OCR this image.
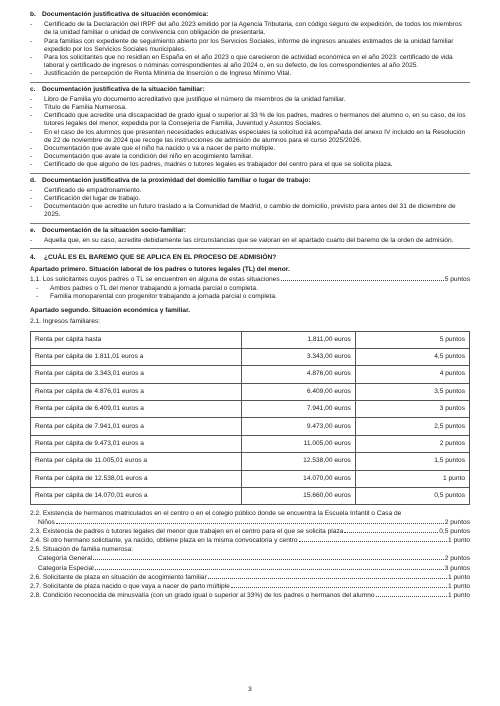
b. Documentación justificativa de situación económica:
- Certificado de la Declaración del IRPF del año 2023 emitido por la Agencia Tributaria, con código seguro de expedición, de todos los miembros de la unidad familiar o unidad de convivencia con obligación de presentarla.
- Para familias con expediente de seguimiento abierto por los Servicios Sociales, informe de ingresos anuales estimados de la unidad familiar expedido por los Servicios Sociales municipales.
- Para los solicitantes que no residían en España en el año 2023 o que carecieron de actividad económica en el año 2023: certificado de vida laboral y certificado de ingresos o nóminas correspondientes al año 2024 o, en su defecto, de los correspondientes al año 2025.
- Justificación de percepción de Renta Mínima de Inserción o de Ingreso Mínimo Vital.
c. Documentación justificativa de la situación familiar:
- Libro de Familia y/o documento acreditativo que justifique el número de miembros de la unidad familiar.
- Título de Familia Numerosa.
- Certificado que acredite una discapacidad de grado igual o superior al 33 % de los padres, madres o hermanos del alumno o, en su caso, de los tutores legales del menor, expedida por la Consejería de Familia, Juventud y Asuntos Sociales.
- En el caso de los alumnos que presenten necesidades educativas especiales la solicitud irá acompañada del anexo IV incluido en la Resolución de 22 de noviembre de 2024 que recoge las instrucciones de admisión de alumnos para el curso 2025/2026.
- Documentación que avale que el niño ha nacido o va a nacer de parto múltiple.
- Documentación que avale la condición del niño en acogimiento familiar.
- Certificado de que alguno de los padres, madres o tutores legales es trabajador del centro para el que se solicita plaza.
d. Documentación justificativa de la proximidad del domicilio familiar o lugar de trabajo:
- Certificado de empadronamiento.
- Certificación del lugar de trabajo.
- Documentación que acredite un futuro traslado a la Comunidad de Madrid, o cambio de domicilio, previsto para antes del 31 de diciembre de 2025.
e. Documentación de la situación socio-familiar:
- Aquella que, en su caso, acredite debidamente las circunstancias que se valoran en el apartado cuarto del baremo de la orden de admisión.
4. ¿CUÁL ES EL BAREMO QUE SE APLICA EN EL PROCESO DE ADMISIÓN?
Apartado primero. Situación laboral de los padres o tutores legales (TL) del menor.
1.1. Los solicitantes cuyos padres o TL se encuentren en alguna de estas situaciones	5 puntos
- Ambos padres o TL del menor trabajando a jornada parcial o completa.
- Familia monoparental con progenitor trabajando a jornada parcial o completa.
Apartado segundo. Situación económica y familiar.
2.1. Ingresos familiares:
Renta per cápita hasta	1.811,00 euros	5 puntos
Renta per cápita de 1.811,01 euros a	3.343,00 euros	4,5 puntos
Renta per cápita de 3.343,01 euros a	4.876,00 euros	4 puntos
Renta per cápita de 4.876,01 euros a	6.409,00 euros	3,5 puntos
Renta per cápita de 6.409,01 euros a	7.941,00 euros	3 puntos
Renta per cápita de 7.941,01 euros a	9.473,00 euros	2,5 puntos
Renta per cápita de 9.473,01 euros a	11.005,00 euros	2 puntos
Renta per cápita de 11.005,01 euros a	12.538,00 euros	1,5 puntos
Renta per cápita de 12.538,01 euros a	14.070,00 euros	1 punto
Renta per cápita de 14.070,01 euros a	15.660,00 euros	0,5 puntos
2.2. Existencia de hermanos matriculados en el centro o en el colegio público donde se encuentra la Escuela Infantil o Casa de
Niños	2 puntos
2.3. Existencia de padres o tutores legales del menor que trabajen en el centro para el que se solicita plaza	0,5 puntos
2.4. Si otro hermano solicitante, ya nacido, obtiene plaza en la misma convocatoria y centro	1 punto
2.5. Situación de familia numerosa:
Categoría General	2 puntos
Categoría Especial	3 puntos
2.6. Solicitante de plaza en situación de acogimiento familiar	1 punto
2.7. Solicitante de plaza nacido o que vaya a nacer de parto múltiple	1 punto
2.8. Condición reconocida de minusvalía (con un grado igual o superior al 33%) de los padres o hermanos del alumno	1 punto
3
